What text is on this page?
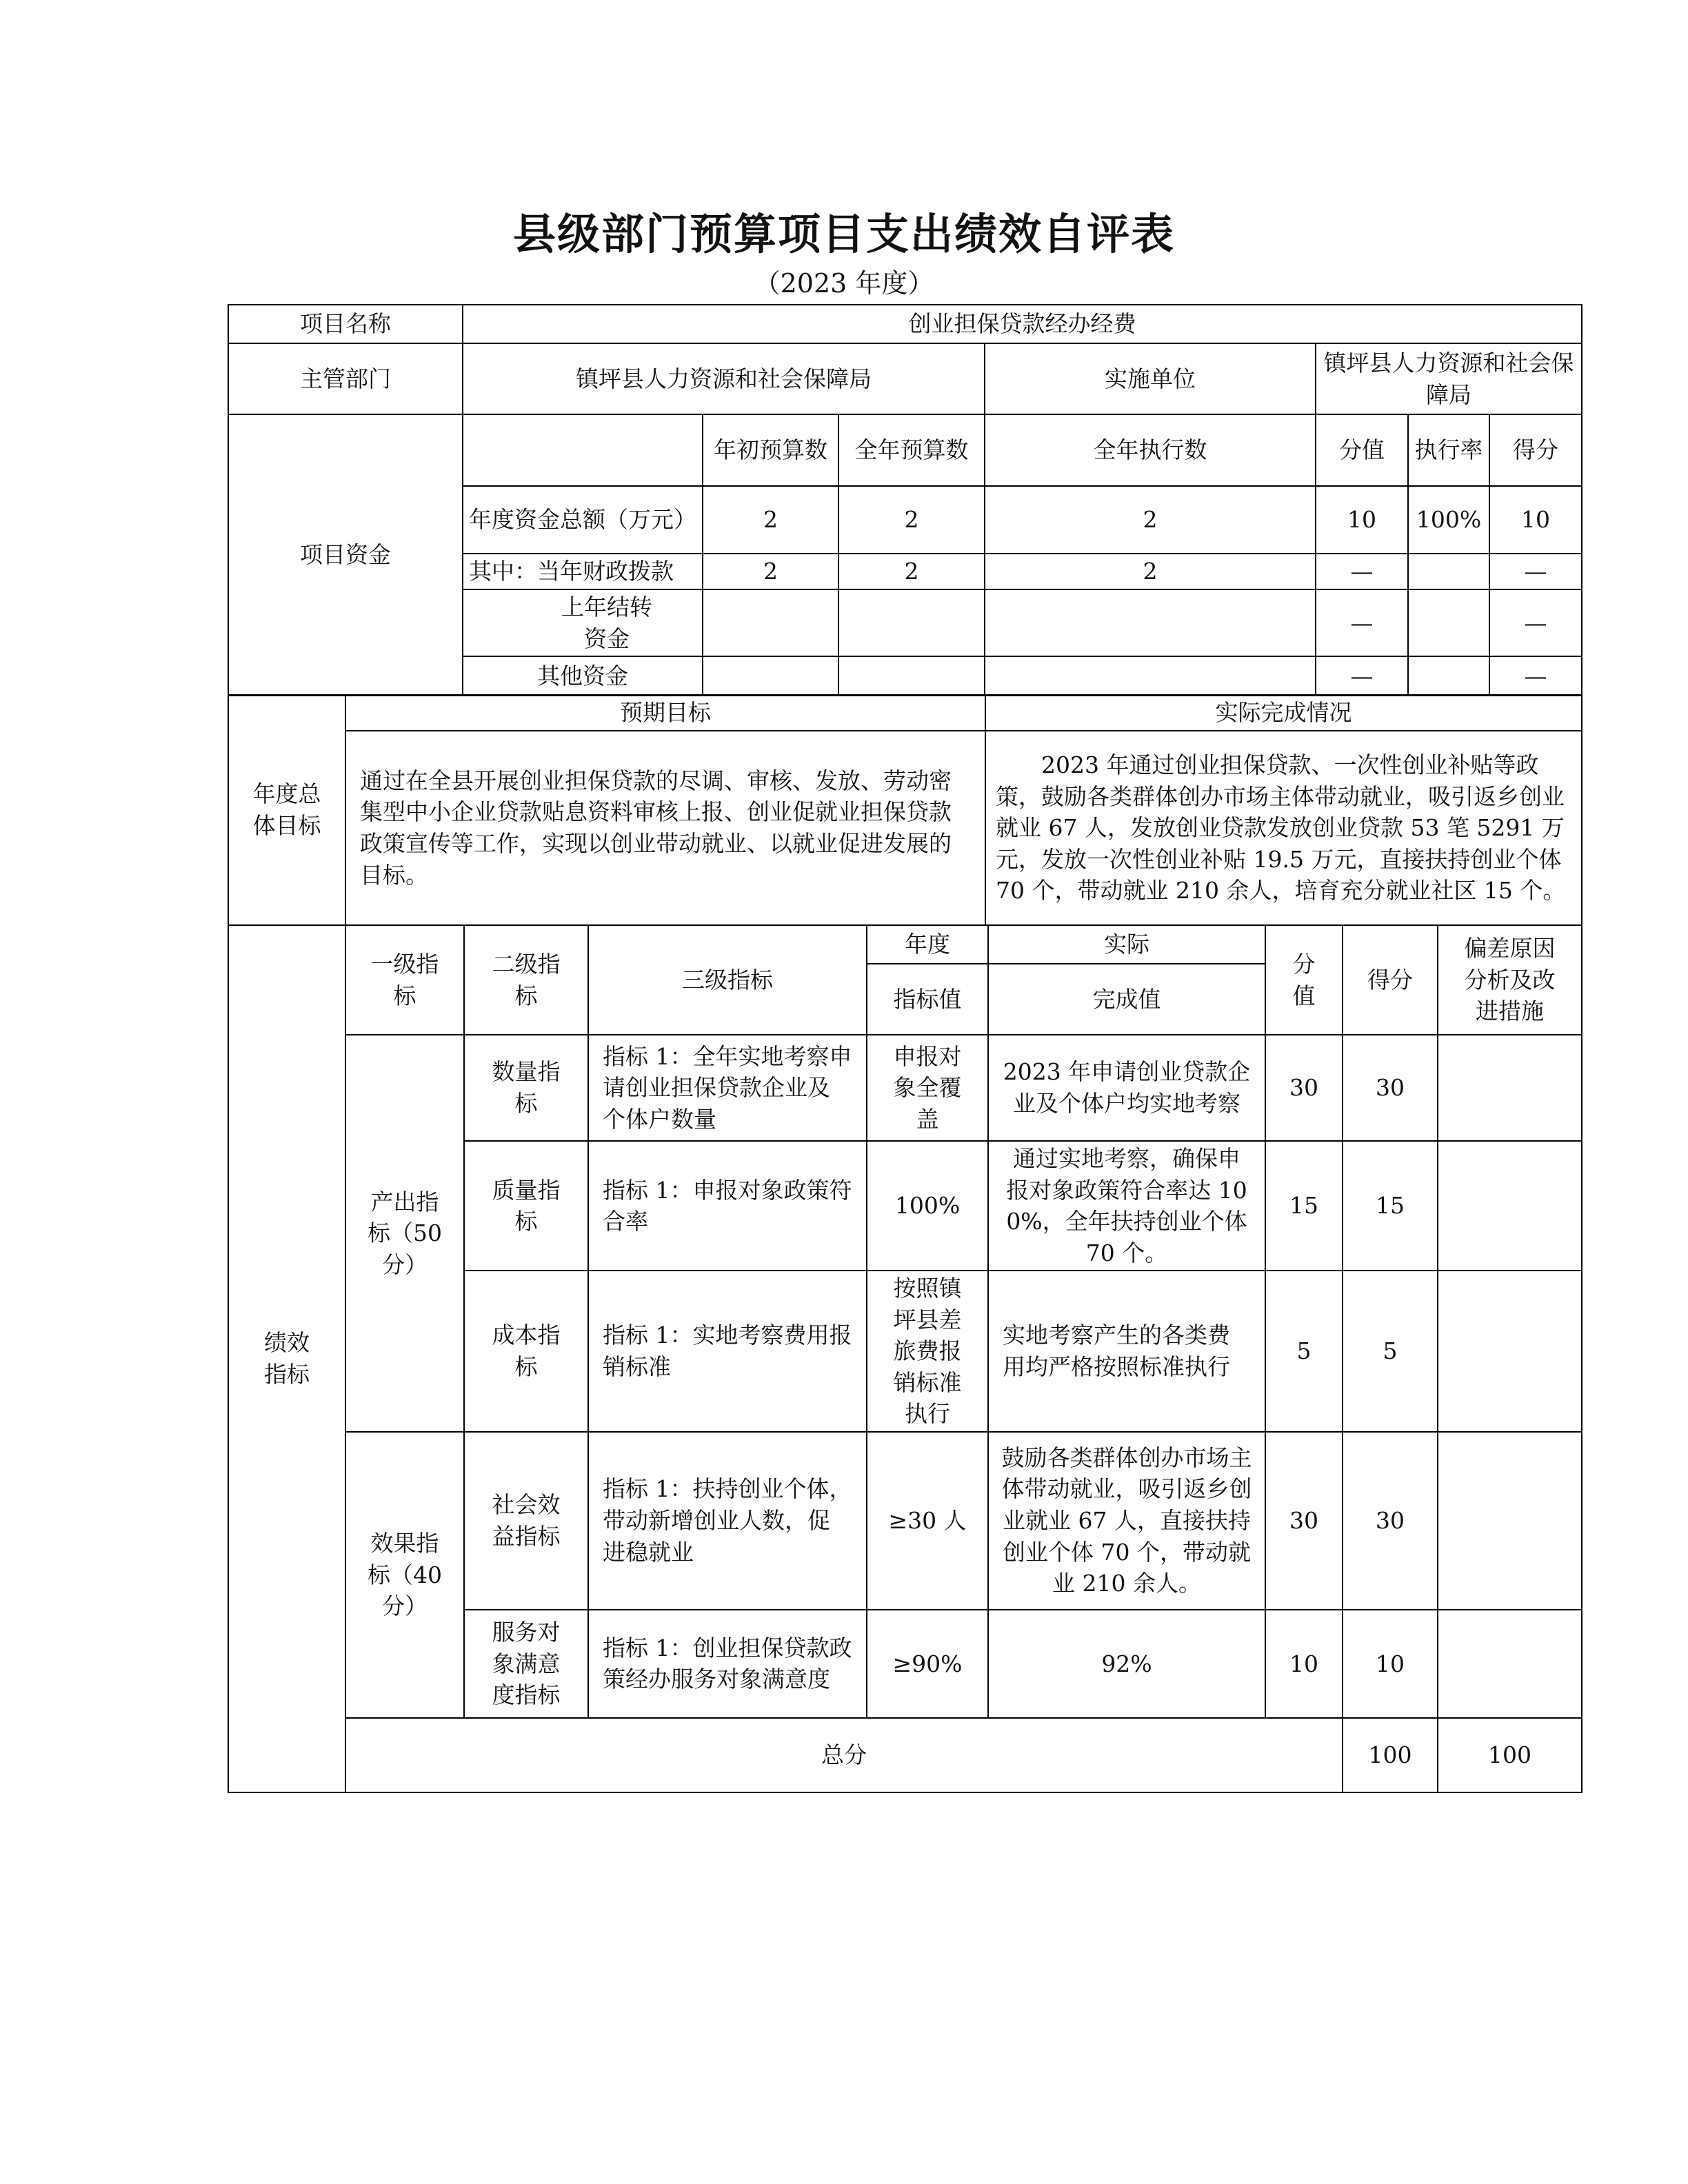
县级部门预算项目支出绩效自评表
（2023 年度）
项目名称	创业担保贷款经办经费						
主管部门	镇坪县人力资源和社会保障局			实施单位	镇坪县人力资源和社会保障局		
项目资金		年初预算数	全年预算数	全年执行数	分值	执行率	得分
	年度资金总额（万元）	2	2	2	10	100%	10
	其中：当年财政拨款	2	2	2	—		—
	上年结转资金				—		—
	其他资金				—		—
年度总体目标	预期目标	实际完成情况
	通过在全县开展创业担保贷款的尽调、审核、发放、劳动密集型中小企业贷款贴息资料审核上报、创业促就业担保贷款政策宣传等工作，实现以创业带动就业、以就业促进发展的目标。	2023 年通过创业担保贷款、一次性创业补贴等政策，鼓励各类群体创办市场主体带动就业，吸引返乡创业就业 67 人，发放创业贷款发放创业贷款 53 笔 5291 万元，发放一次性创业补贴 19.5 万元，直接扶持创业个体 70 个，带动就业 210 余人，培育充分就业社区 15 个。
绩效指标	一级指标	二级指标	三级指标	年度	实际	分值	得分	偏差原因分析及改进措施	
				指标值	完成值				
	产出指标（50分）	数量指标	指标 1：全年实地考察申请创业担保贷款企业及个体户数量	申报对象全覆盖	2023 年申请创业贷款企业及个体户均实地考察	30	30		
		质量指标	指标 1：申报对象政策符合率	100%	通过实地考察，确保申报对象政策符合率达 100%，全年扶持创业个体 70 个。	15	15		
		成本指标	指标 1：实地考察费用报销标准	按照镇坪县差旅费报销标准执行	实地考察产生的各类费用均严格按照标准执行	5	5		
	效果指标（40分）	社会效益指标	指标 1：扶持创业个体，带动新增创业人数，促进稳就业	≥30 人	鼓励各类群体创办市场主体带动就业，吸引返乡创业就业 67 人，直接扶持创业个体 70 个，带动就业 210 余人。	30	30		
		服务对象满意度指标	指标 1：创业担保贷款政策经办服务对象满意度	≥90%	92%	10	10		
	总分						100	100	
